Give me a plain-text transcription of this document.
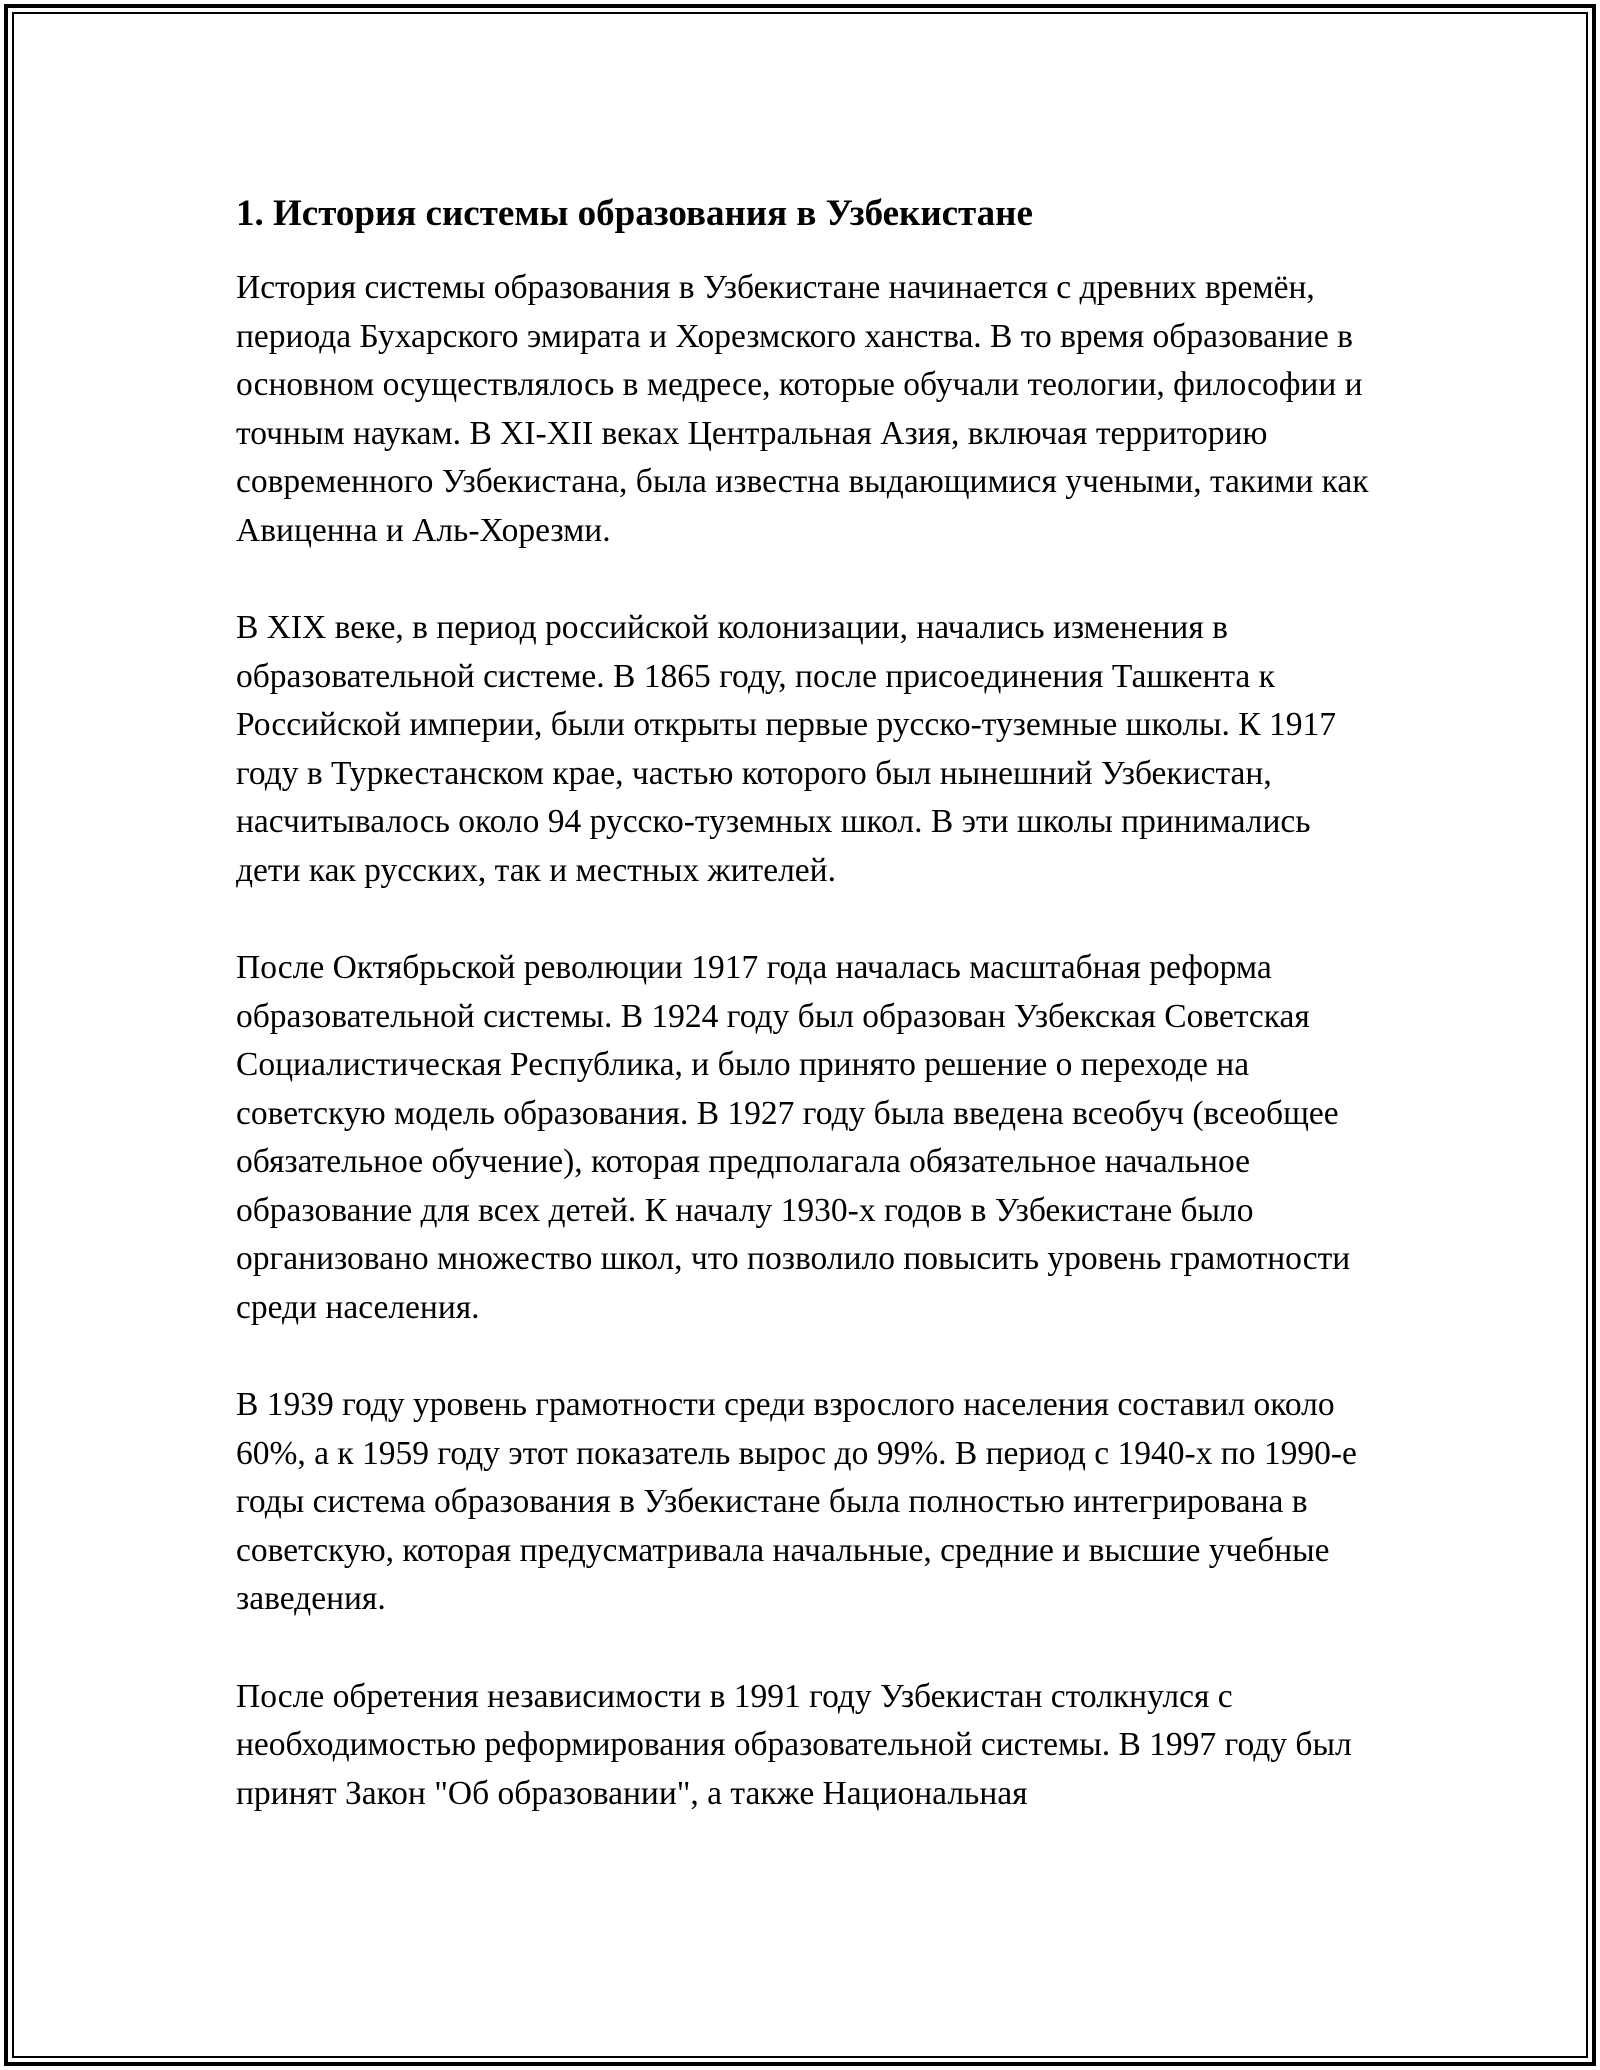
1. История системы образования в Узбекистане

История системы образования в Узбекистане начинается с древних времён, периода Бухарского эмирата и Хорезмского ханства. В то время образование в основном осуществлялось в медресе, которые обучали теологии, философии и точным наукам. В XI-XII веках Центральная Азия, включая территорию современного Узбекистана, была известна выдающимися учеными, такими как Авиценна и Аль-Хорезми.

В XIX веке, в период российской колонизации, начались изменения в образовательной системе. В 1865 году, после присоединения Ташкента к Российской империи, были открыты первые русско-туземные школы. К 1917 году в Туркестанском крае, частью которого был нынешний Узбекистан, насчитывалось около 94 русско-туземных школ. В эти школы принимались дети как русских, так и местных жителей.

После Октябрьской революции 1917 года началась масштабная реформа образовательной системы. В 1924 году был образован Узбекская Советская Социалистическая Республика, и было принято решение о переходе на советскую модель образования. В 1927 году была введена всеобуч (всеобщее обязательное обучение), которая предполагала обязательное начальное образование для всех детей. К началу 1930-х годов в Узбекистане было организовано множество школ, что позволило повысить уровень грамотности среди населения.

В 1939 году уровень грамотности среди взрослого населения составил около 60%, а к 1959 году этот показатель вырос до 99%. В период с 1940-х по 1990-е годы система образования в Узбекистане была полностью интегрирована в советскую, которая предусматривала начальные, средние и высшие учебные заведения.

После обретения независимости в 1991 году Узбекистан столкнулся с необходимостью реформирования образовательной системы. В 1997 году был принят Закон "Об образовании", а также Национальная
